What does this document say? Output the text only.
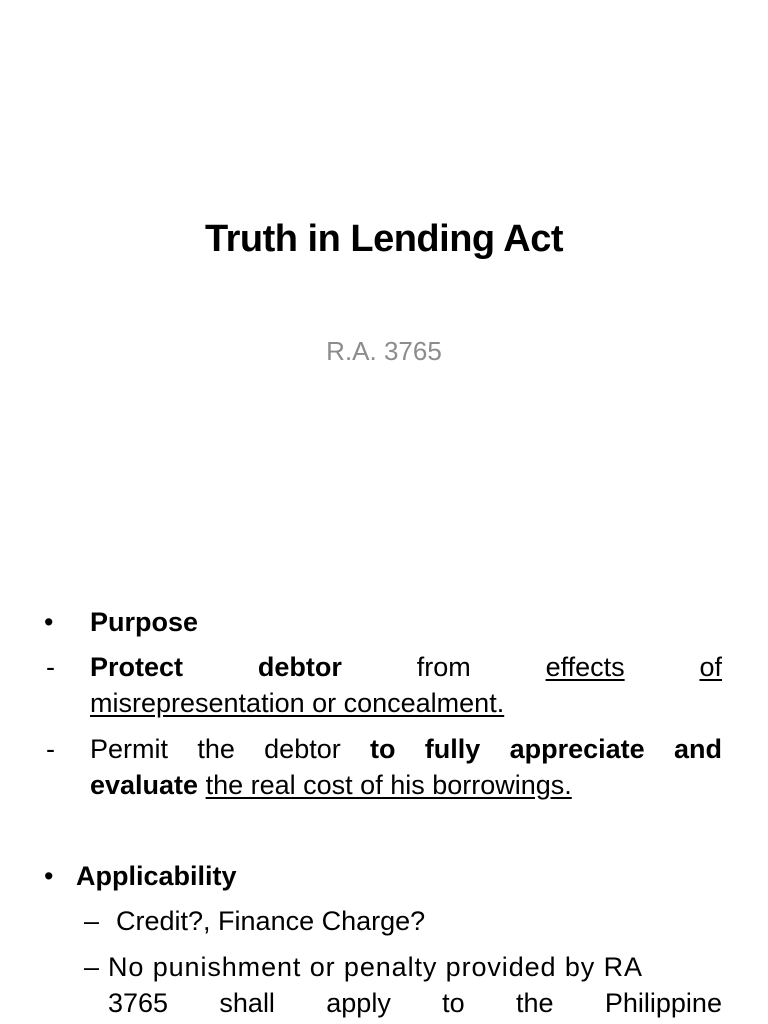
Truth in Lending Act

R.A. 3765

• Purpose
- Protect	debtor	from	effects	of
misrepresentation or concealment.
- Permit the debtor to fully appreciate and
evaluate the real cost of his borrowings.
• Applicability
– Credit?, Finance Charge?
– No punishment or penalty provided by RA
3765 shall apply to the Philippine
